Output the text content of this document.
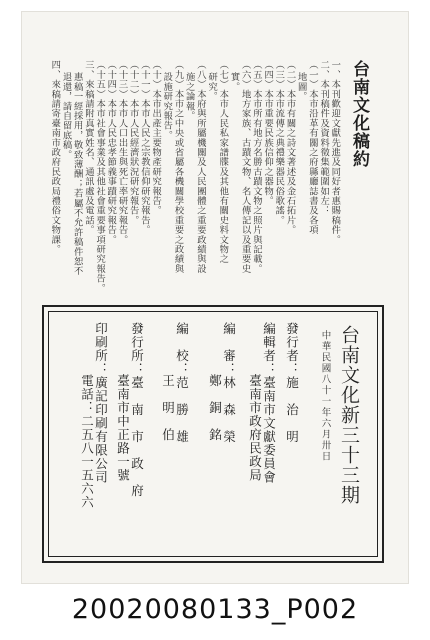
台南文化稿約
一、本刊歡迎文獻先進及同好者惠賜稿件。
二、本刊稿件及資料徵集範圍如左：
（一）本市沿革有關之府縣廳誌書及各項
地圖。
（二）本市有關之詩文著述及金石拓片。
（三）本市流傳之典禮樂器民俗歌謠。
（四）本市重要民族信仰之器物。
（五）本市所有地方名勝古蹟文物之照片與記載。
（六）地方家族、古蹟文物、名人傳記以及重要史
實。
（七）本市人民私家譜牒及其他有關史料文物之
研究。
（八）本府與所屬機關及人民團體之重要政績與設
施之論報。
（九）本市之中央或省屬各機關學校重要之政績與
設施研究報告。
（十）本市出產主要物產研究報告。
（十一）本市人民之宗教信仰研究報告。
（十二）本市人民經濟狀況研究報告。
（十三）本市人口出生與死亡率研究報告。
（十四）本市人民忠孝節義事蹟研究報告。
（十五）本市社會事業及其他社會重要事項研究報告。
三、來稿請附真實姓名、通訊處及電話。
惠稿一經採用，敬致薄酬；若屬不允許稿件恕不
退還，請自留底稿。
四、來稿請寄臺南市政府民政局禮俗文物課。
台南文化新三十三期
中華民國八十一年六月卅日
發行者：施　治　明
編輯者：臺南市文獻委員會
臺南市政府民政局
編　審：林　森　榮
鄭　銅　銘
編　校：范　勝　雄
王　明　伯
發行所：臺　南　市　政　府
臺南市中正路一號
印刷所：廣記印刷有限公司
電話：二五八一五六六
20020080133_P002
